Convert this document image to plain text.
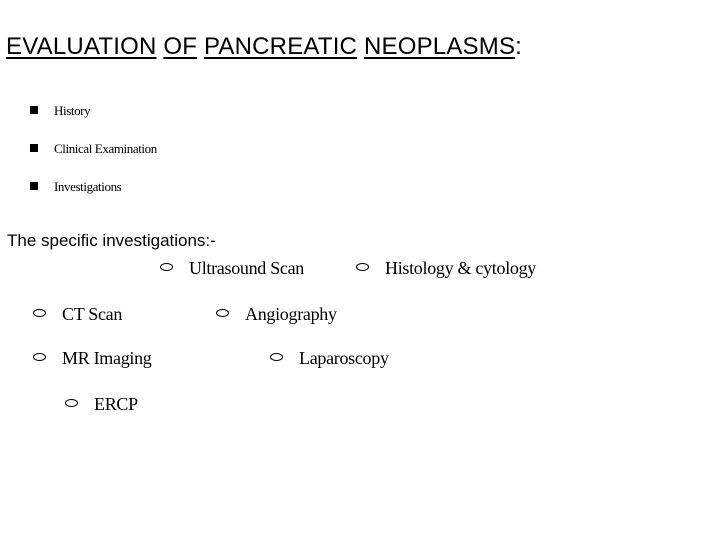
EVALUATION OF PANCREATIC NEOPLASMS:
History
Clinical Examination
Investigations
The specific investigations:-
Ultrasound Scan	Histology & cytology
CT Scan	Angiography
MR Imaging	Laparoscopy
ERCP
